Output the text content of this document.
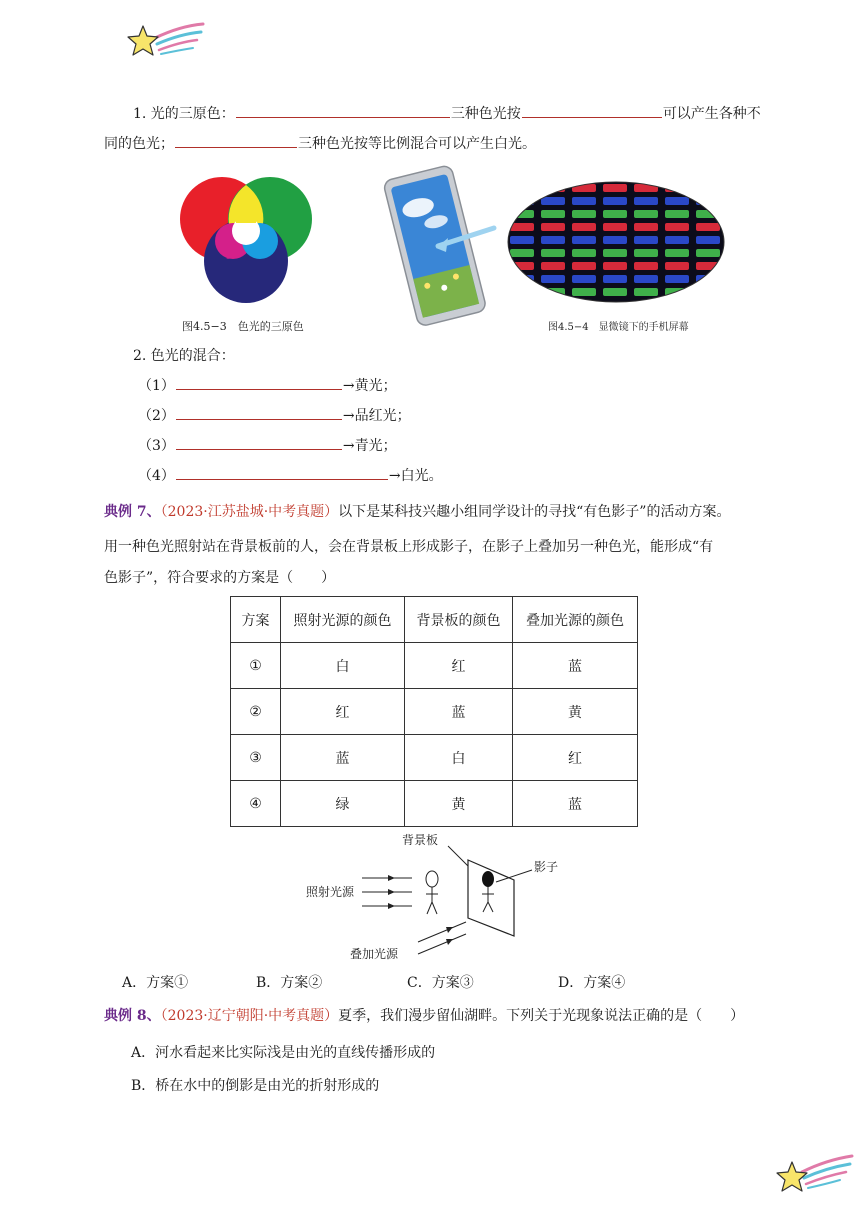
1. 光的三原色：	三种色光按	可以产生各种不
同的色光；	三种色光按等比例混合可以产生白光。
图4.5−3　色光的三原色	图4.5−4　显微镜下的手机屏幕
2. 色光的混合：
（1）	→黄光；
（2）	→品红光；
（3）	→青光；
（4）	→白光。
典例 7、（2023·江苏盐城·中考真题）以下是某科技兴趣小组同学设计的寻找“有色影子”的活动方案。
用一种色光照射站在背景板前的人，会在背景板上形成影子，在影子上叠加另一种色光，能形成“有
色影子”，符合要求的方案是（　　）
方案	照射光源的颜色	背景板的颜色	叠加光源的颜色
①	白	红	蓝
②	红	蓝	黄
③	蓝	白	红
④	绿	黄	蓝
背景板
影子
照射光源
叠加光源
A．方案①	B．方案②	C．方案③	D．方案④
典例 8、（2023·辽宁朝阳·中考真题）夏季，我们漫步留仙湖畔。下列关于光现象说法正确的是（　　）
A．河水看起来比实际浅是由光的直线传播形成的
B．桥在水中的倒影是由光的折射形成的
